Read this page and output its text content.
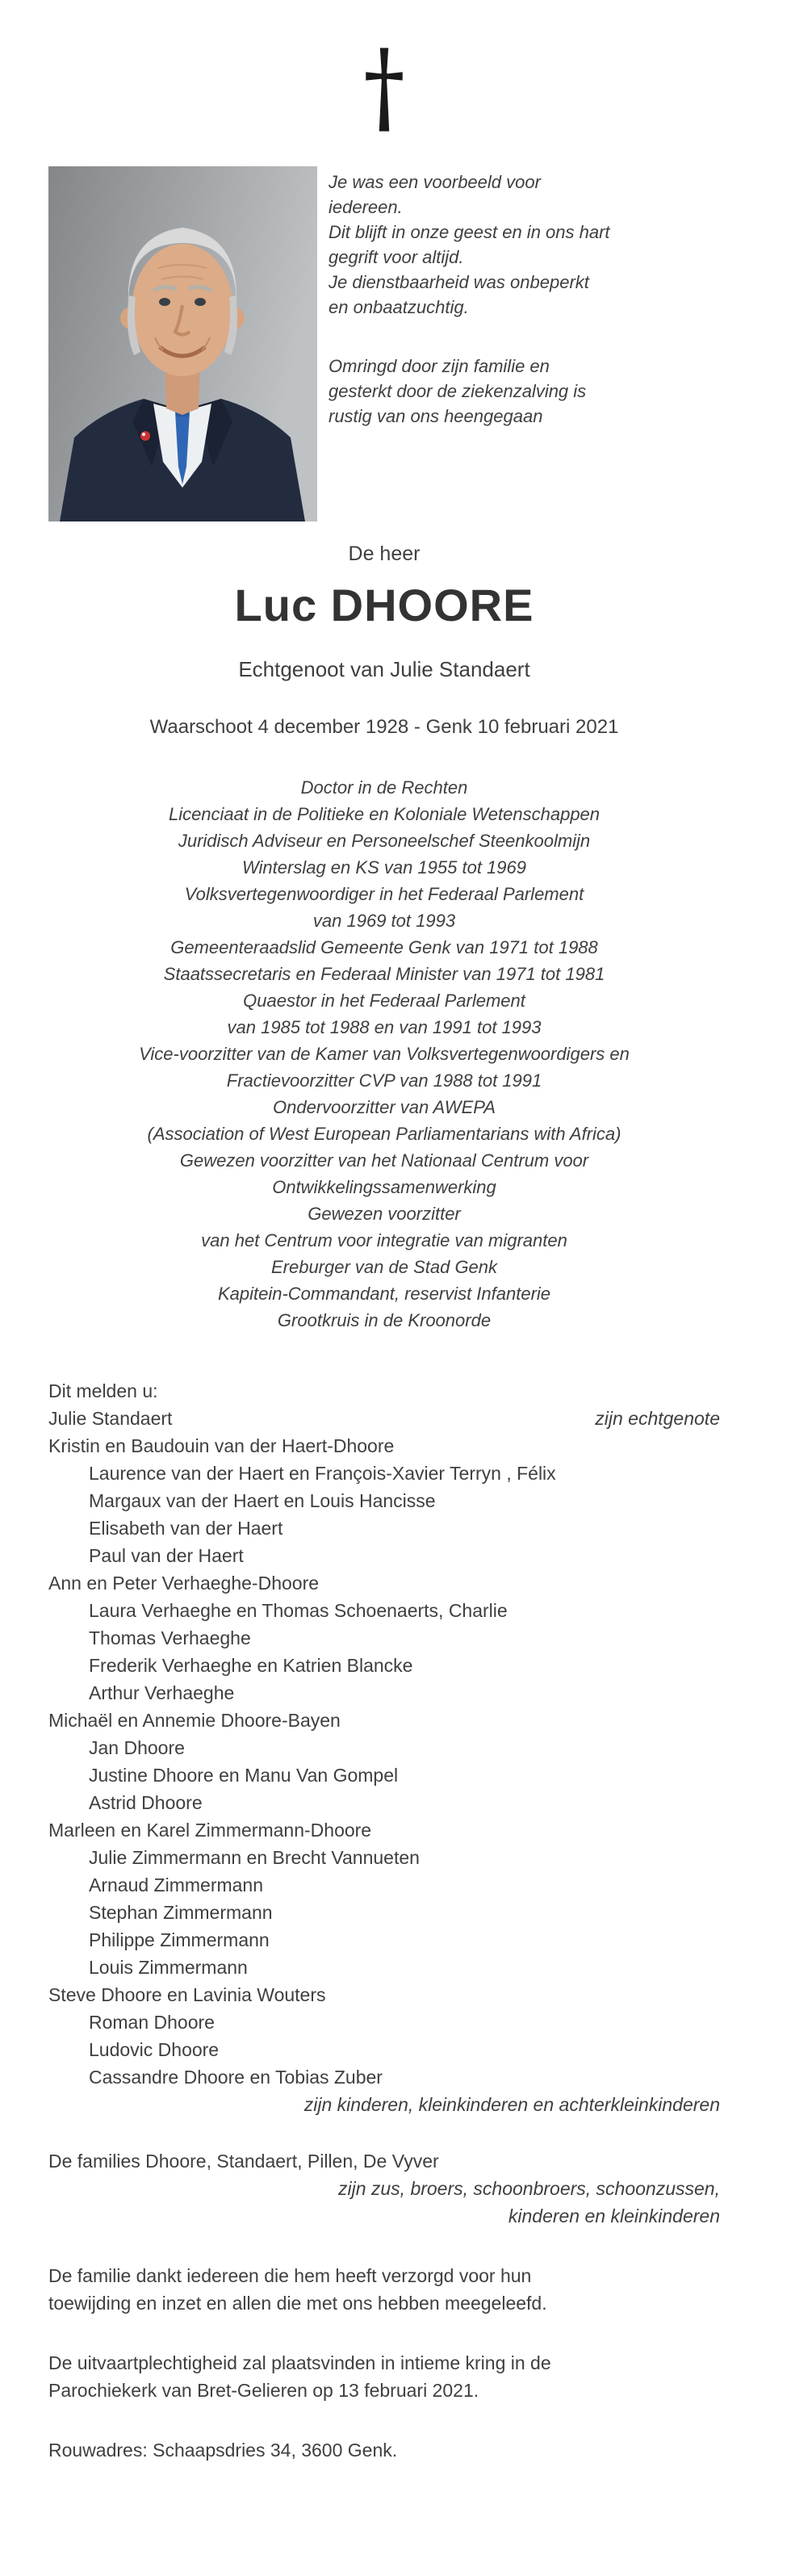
Je was een voorbeeld voor
iedereen.
Dit blijft in onze geest en in ons hart
gegrift voor altijd.
Je dienstbaarheid was onbeperkt
en onbaatzuchtig.
Omringd door zijn familie en
gesterkt door de ziekenzalving is
rustig van ons heengegaan
De heer
Luc DHOORE
Echtgenoot van Julie Standaert
Waarschoot 4 december 1928 - Genk 10 februari 2021
Doctor in de Rechten
Licenciaat in de Politieke en Koloniale Wetenschappen
Juridisch Adviseur en Personeelschef Steenkoolmijn
Winterslag en KS van 1955 tot 1969
Volksvertegenwoordiger in het Federaal Parlement
van 1969 tot 1993
Gemeenteraadslid Gemeente Genk van 1971 tot 1988
Staatssecretaris en Federaal Minister van 1971 tot 1981
Quaestor in het Federaal Parlement
van 1985 tot 1988 en van 1991 tot 1993
Vice-voorzitter van de Kamer van Volksvertegenwoordigers en
Fractievoorzitter CVP van 1988 tot 1991
Ondervoorzitter van AWEPA
(Association of West European Parliamentarians with Africa)
Gewezen voorzitter van het Nationaal Centrum voor
Ontwikkelingssamenwerking
Gewezen voorzitter
van het Centrum voor integratie van migranten
Ereburger van de Stad Genk
Kapitein-Commandant, reservist Infanterie
Grootkruis in de Kroonorde
Dit melden u:
Julie Standaert	zijn echtgenote
Kristin en Baudouin van der Haert-Dhoore
Laurence van der Haert en François-Xavier Terryn , Félix
Margaux van der Haert en Louis Hancisse
Elisabeth van der Haert
Paul van der Haert
Ann en Peter Verhaeghe-Dhoore
Laura Verhaeghe en Thomas Schoenaerts, Charlie
Thomas Verhaeghe
Frederik Verhaeghe en Katrien Blancke
Arthur Verhaeghe
Michaël en Annemie Dhoore-Bayen
Jan Dhoore
Justine Dhoore en Manu Van Gompel
Astrid Dhoore
Marleen en Karel Zimmermann-Dhoore
Julie Zimmermann en Brecht Vannueten
Arnaud Zimmermann
Stephan Zimmermann
Philippe Zimmermann
Louis Zimmermann
Steve Dhoore en Lavinia Wouters
Roman Dhoore
Ludovic Dhoore
Cassandre Dhoore en Tobias Zuber
zijn kinderen, kleinkinderen en achterkleinkinderen
De families Dhoore, Standaert, Pillen, De Vyver
zijn zus, broers, schoonbroers, schoonzussen,
kinderen en kleinkinderen
De familie dankt iedereen die hem heeft verzorgd voor hun
toewijding en inzet en allen die met ons hebben meegeleefd.
De uitvaartplechtigheid zal plaatsvinden in intieme kring in de
Parochiekerk van Bret-Gelieren op 13 februari 2021.
Rouwadres: Schaapsdries 34, 3600 Genk.
